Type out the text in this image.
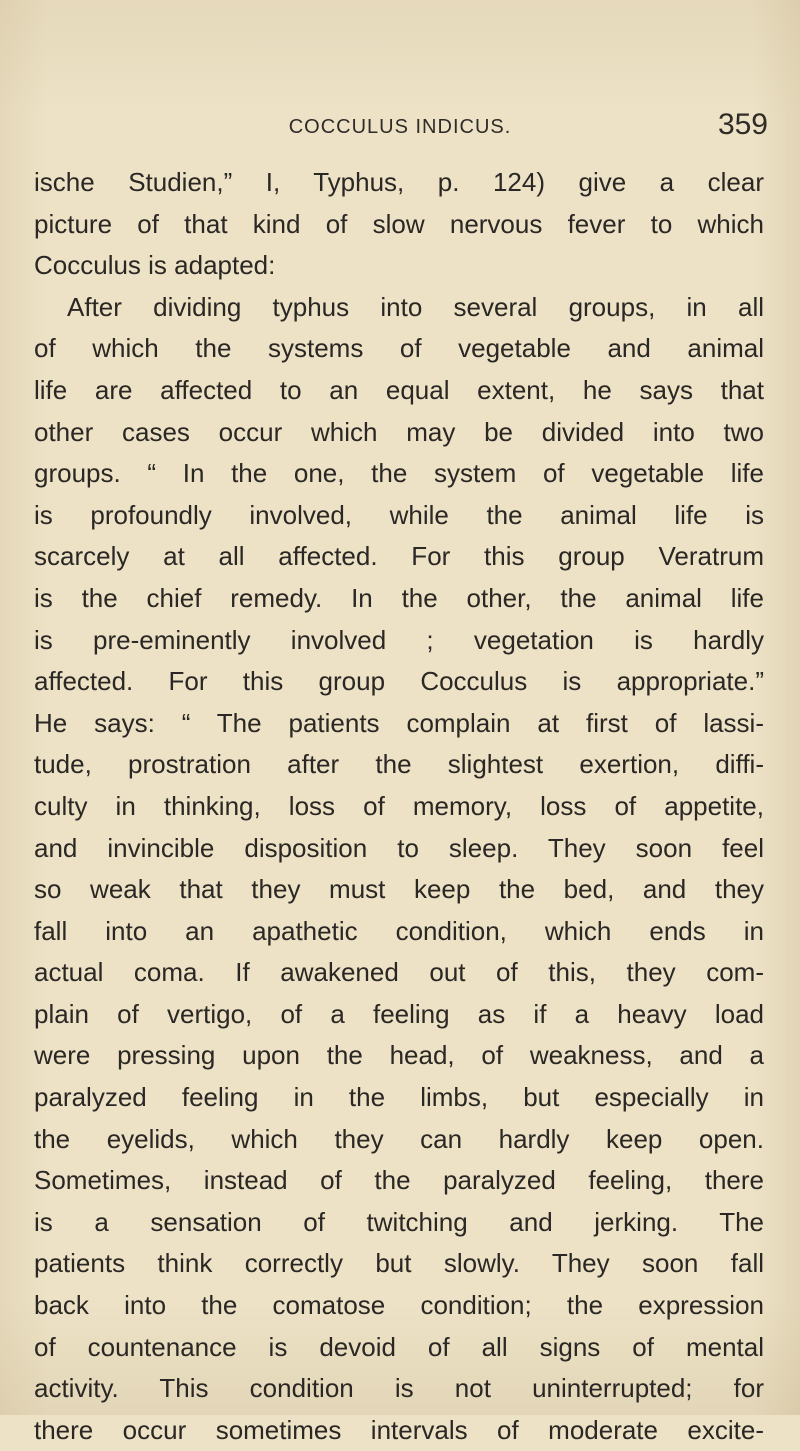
COCCULUS INDICUS.	359
ische Studien,” I, Typhus, p. 124) give a clear
picture of that kind of slow nervous fever to which
Cocculus is adapted:
After dividing typhus into several groups, in all
of which the systems of vegetable and animal
life are affected to an equal extent, he says that
other cases occur which may be divided into two
groups. “ In the one, the system of vegetable life
is profoundly involved, while the animal life is
scarcely at all affected. For this group Veratrum
is the chief remedy. In the other, the animal life
is pre-eminently involved ; vegetation is hardly
affected. For this group Cocculus is appropriate.”
He says: “ The patients complain at first of lassi-
tude, prostration after the slightest exertion, diffi-
culty in thinking, loss of memory, loss of appetite,
and invincible disposition to sleep. They soon feel
so weak that they must keep the bed, and they
fall into an apathetic condition, which ends in
actual coma. If awakened out of this, they com-
plain of vertigo, of a feeling as if a heavy load
were pressing upon the head, of weakness, and a
paralyzed feeling in the limbs, but especially in
the eyelids, which they can hardly keep open.
Sometimes, instead of the paralyzed feeling, there
is a sensation of twitching and jerking. The
patients think correctly but slowly. They soon fall
back into the comatose condition; the expression
of countenance is devoid of all signs of mental
activity. This condition is not uninterrupted; for
there occur sometimes intervals of moderate excite-
